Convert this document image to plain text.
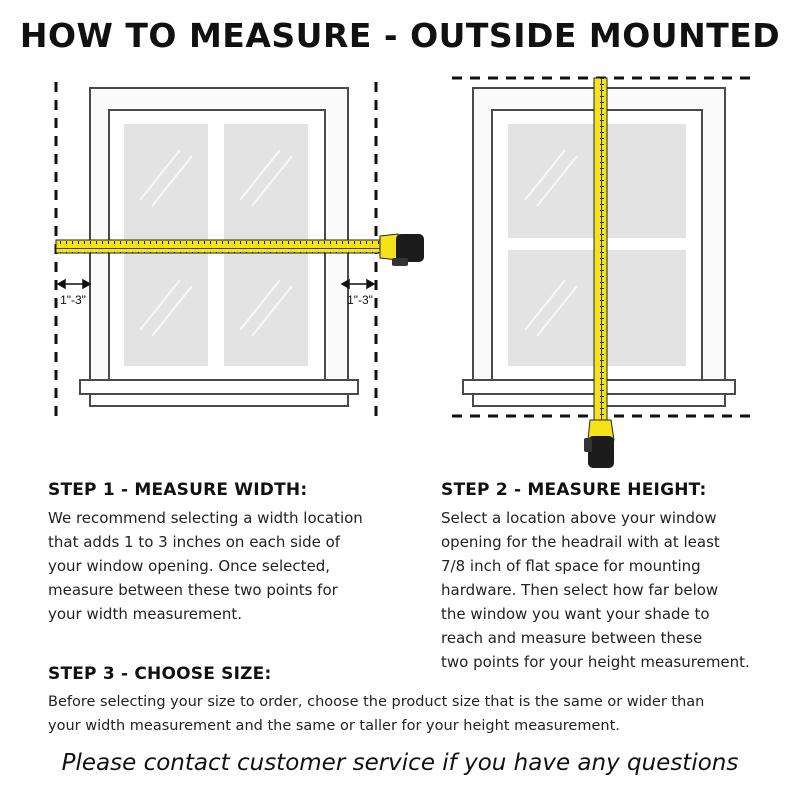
HOW TO MEASURE - OUTSIDE MOUNTED
1"-3"	1"-3"
STEP 1 - MEASURE WIDTH:
We recommend selecting a width location
that adds 1 to 3 inches on each side of
your window opening. Once selected,
measure between these two points for
your width measurement.
STEP 2 - MEASURE HEIGHT:
Select a location above your window
opening for the headrail with at least
7/8 inch of flat space for mounting
hardware. Then select how far below
the window you want your shade to
reach and measure between these
two points for your height measurement.
STEP 3 - CHOOSE SIZE:
Before selecting your size to order, choose the product size that is the same or wider than
your width measurement and the same or taller for your height measurement.

Please contact customer service if you have any questions
